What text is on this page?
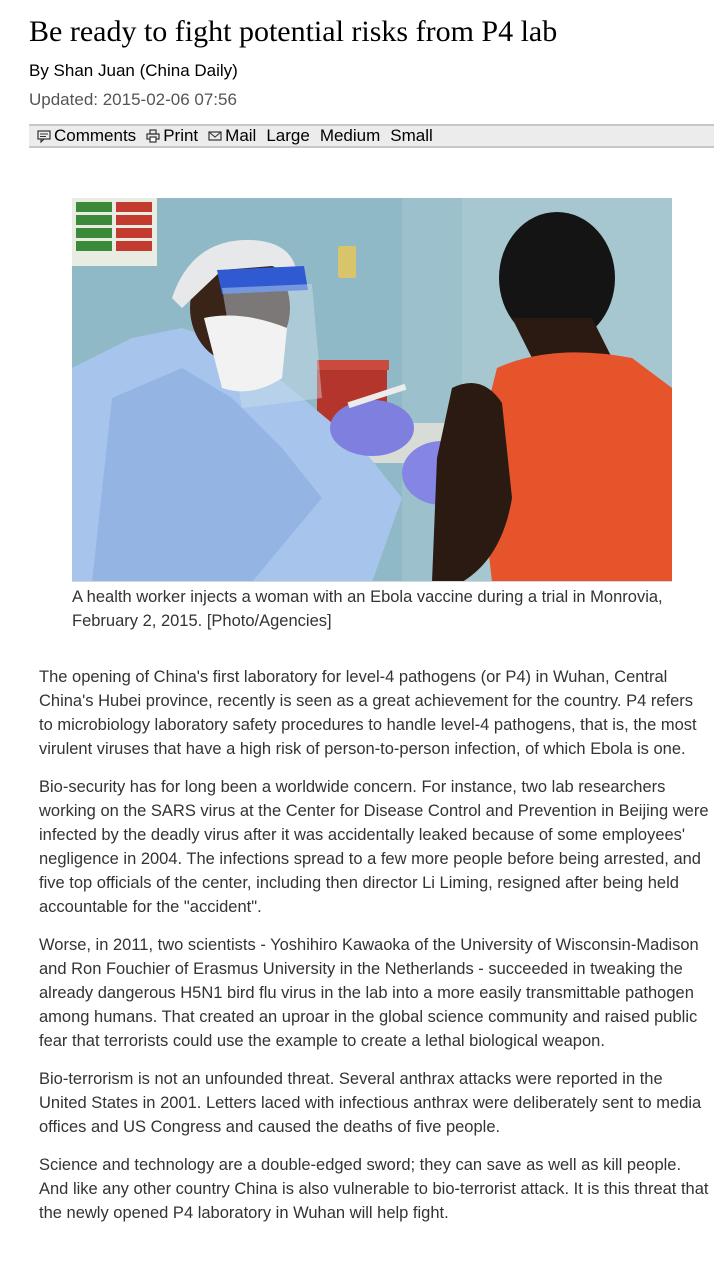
Be ready to fight potential risks from P4 lab
By Shan Juan (China Daily)
Updated: 2015-02-06 07:56
Comments Print Mail Large Medium Small
A health worker injects a woman with an Ebola vaccine during a trial in Monrovia, February 2, 2015. [Photo/Agencies]

The opening of China's first laboratory for level-4 pathogens (or P4) in Wuhan, Central China's Hubei province, recently is seen as a great achievement for the country. P4 refers to microbiology laboratory safety procedures to handle level-4 pathogens, that is, the most virulent viruses that have a high risk of person-to-person infection, of which Ebola is one.

Bio-security has for long been a worldwide concern. For instance, two lab researchers working on the SARS virus at the Center for Disease Control and Prevention in Beijing were infected by the deadly virus after it was accidentally leaked because of some employees' negligence in 2004. The infections spread to a few more people before being arrested, and five top officials of the center, including then director Li Liming, resigned after being held accountable for the "accident".

Worse, in 2011, two scientists - Yoshihiro Kawaoka of the University of Wisconsin-Madison and Ron Fouchier of Erasmus University in the Netherlands - succeeded in tweaking the already dangerous H5N1 bird flu virus in the lab into a more easily transmittable pathogen among humans. That created an uproar in the global science community and raised public fear that terrorists could use the example to create a lethal biological weapon.

Bio-terrorism is not an unfounded threat. Several anthrax attacks were reported in the United States in 2001. Letters laced with infectious anthrax were deliberately sent to media offices and US Congress and caused the deaths of five people.

Science and technology are a double-edged sword; they can save as well as kill people. And like any other country China is also vulnerable to bio-terrorist attack. It is this threat that the newly opened P4 laboratory in Wuhan will help fight.
